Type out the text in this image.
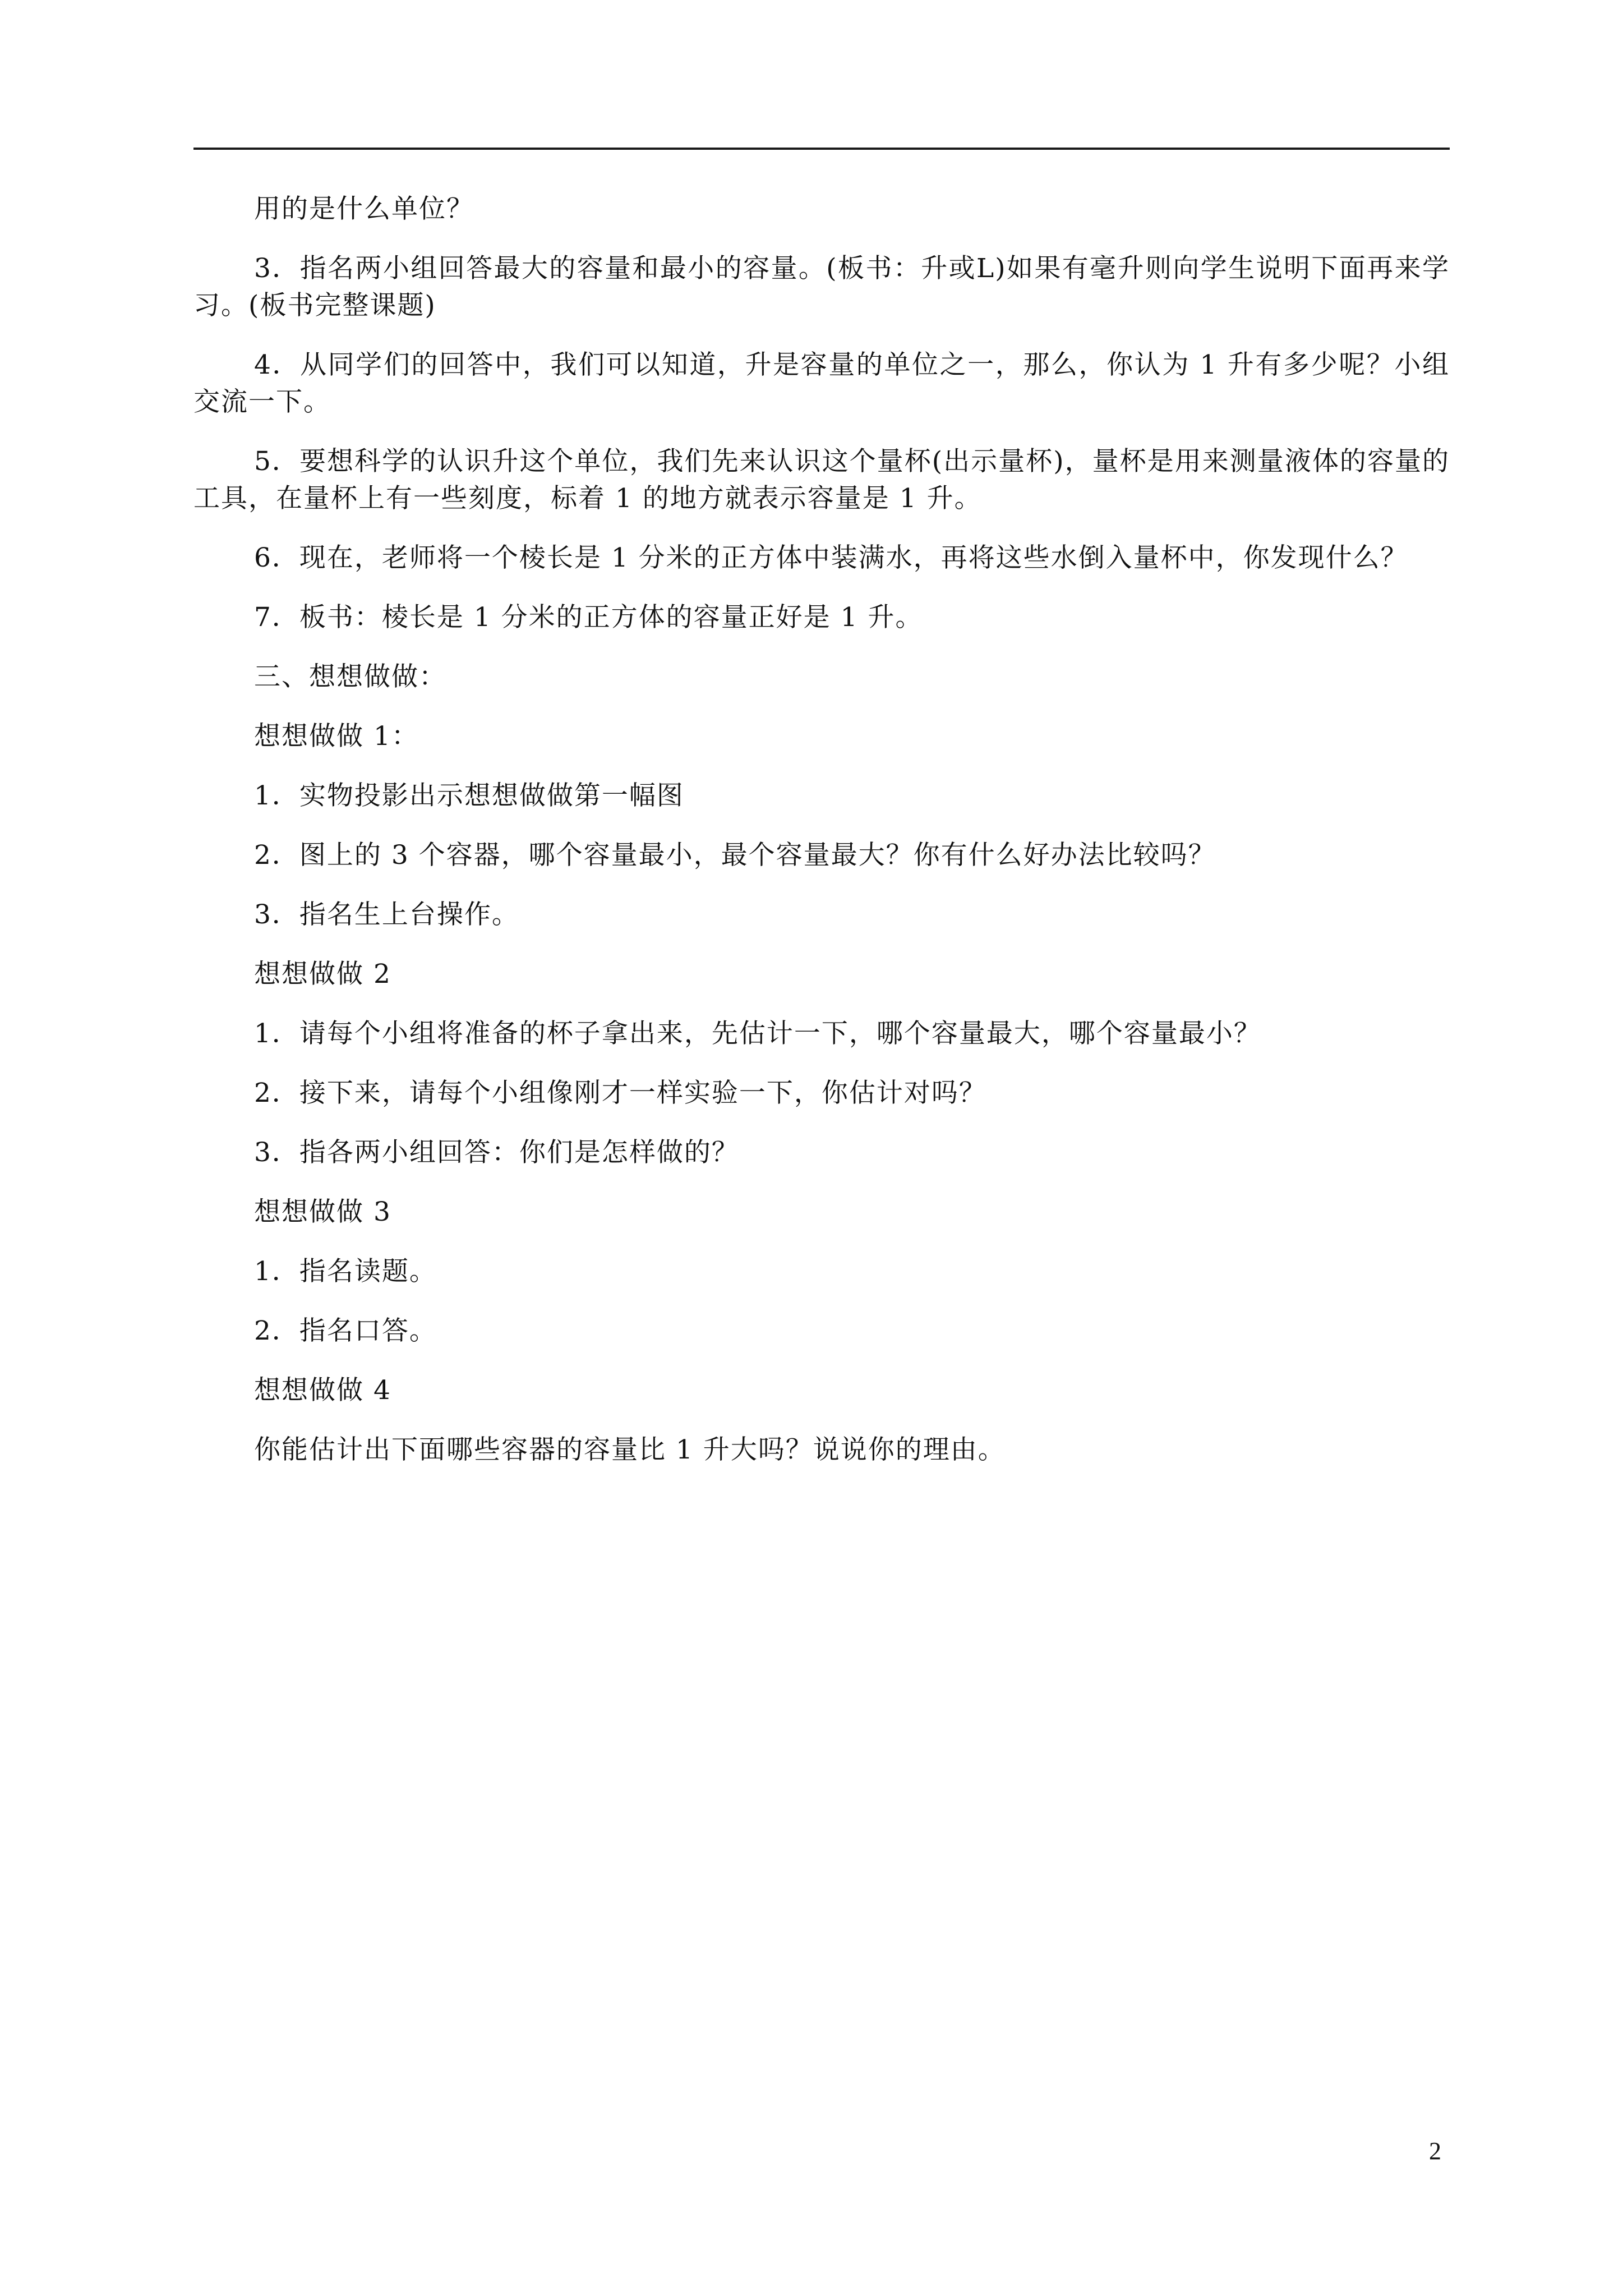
用的是什么单位？

3．指名两小组回答最大的容量和最小的容量。(板书：升或L)如果有毫升则向学生说明下面再来学习。(板书完整课题)

4．从同学们的回答中，我们可以知道，升是容量的单位之一，那么，你认为 1 升有多少呢？小组交流一下。

5．要想科学的认识升这个单位，我们先来认识这个量杯(出示量杯)，量杯是用来测量液体的容量的工具，在量杯上有一些刻度，标着 1 的地方就表示容量是 1 升。

6．现在，老师将一个棱长是 1 分米的正方体中装满水，再将这些水倒入量杯中，你发现什么？

7．板书：棱长是 1 分米的正方体的容量正好是 1 升。

三、想想做做：

想想做做 1：

1．实物投影出示想想做做第一幅图

2．图上的 3 个容器，哪个容量最小，最个容量最大？你有什么好办法比较吗？

3．指名生上台操作。

想想做做 2

1．请每个小组将准备的杯子拿出来，先估计一下，哪个容量最大，哪个容量最小？

2．接下来，请每个小组像刚才一样实验一下，你估计对吗？

3．指各两小组回答：你们是怎样做的？

想想做做 3

1．指名读题。

2．指名口答。

想想做做 4

你能估计出下面哪些容器的容量比 1 升大吗？说说你的理由。

2
